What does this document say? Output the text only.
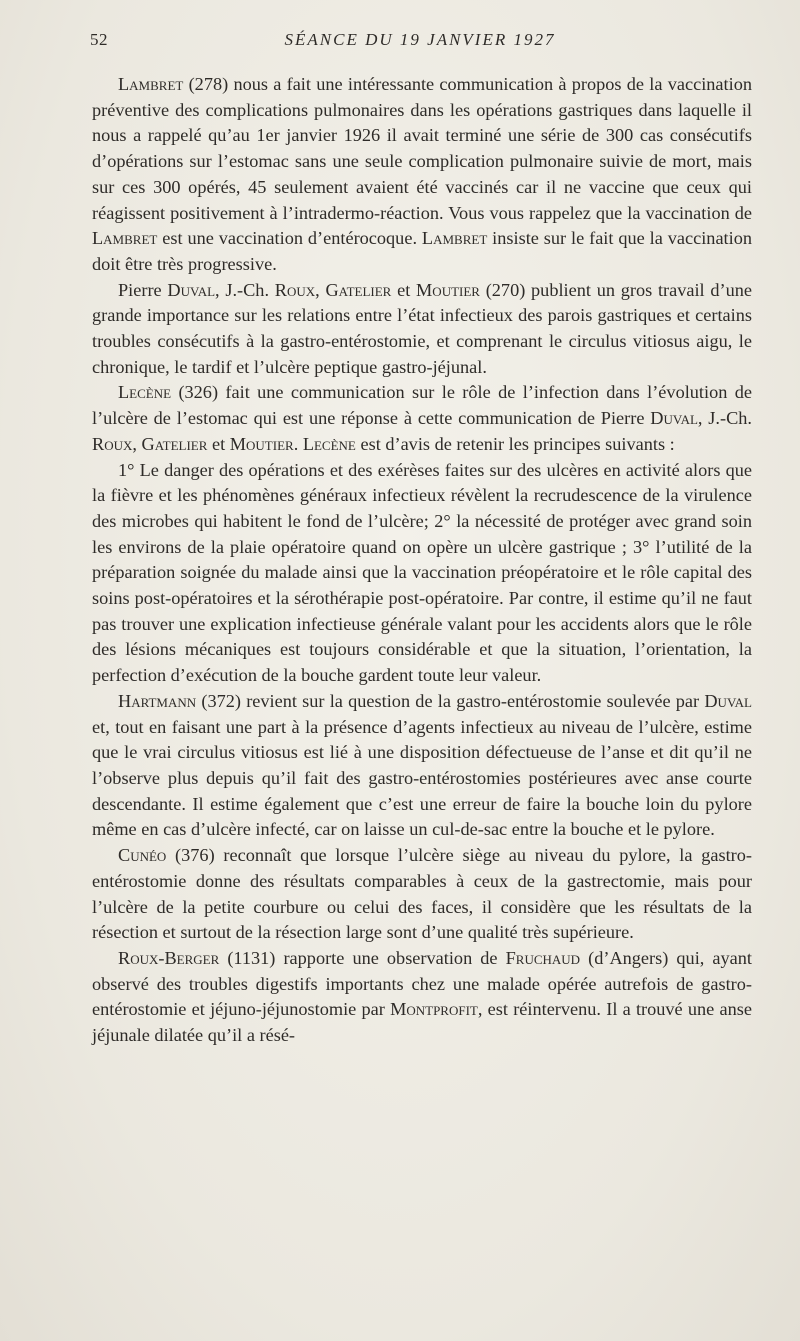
52	SÉANCE DU 19 JANVIER 1927

Lambret (278) nous a fait une intéressante communication à propos de la vaccination préventive des complications pulmonaires dans les opérations gastriques dans laquelle il nous a rappelé qu’au 1er janvier 1926 il avait terminé une série de 300 cas consécutifs d’opérations sur l’estomac sans une seule complication pulmonaire suivie de mort, mais sur ces 300 opérés, 45 seulement avaient été vaccinés car il ne vaccine que ceux qui réagissent positivement à l’intradermo-réaction. Vous vous rappelez que la vaccination de Lambret est une vaccination d’entérocoque. Lambret insiste sur le fait que la vaccination doit être très progressive.

Pierre Duval, J.-Ch. Roux, Gatelier et Moutier (270) publient un gros travail d’une grande importance sur les relations entre l’état infectieux des parois gastriques et certains troubles consécutifs à la gastro-entérostomie, et comprenant le circulus vitiosus aigu, le chronique, le tardif et l’ulcère peptique gastro-jéjunal.

Lecène (326) fait une communication sur le rôle de l’infection dans l’évolution de l’ulcère de l’estomac qui est une réponse à cette communication de Pierre Duval, J.-Ch. Roux, Gatelier et Moutier. Lecène est d’avis de retenir les principes suivants :

1° Le danger des opérations et des exérèses faites sur des ulcères en activité alors que la fièvre et les phénomènes généraux infectieux révèlent la recrudescence de la virulence des microbes qui habitent le fond de l’ulcère; 2° la nécessité de protéger avec grand soin les environs de la plaie opératoire quand on opère un ulcère gastrique ; 3° l’utilité de la préparation soignée du malade ainsi que la vaccination préopératoire et le rôle capital des soins post-opératoires et la sérothérapie post-opératoire. Par contre, il estime qu’il ne faut pas trouver une explication infectieuse générale valant pour les accidents alors que le rôle des lésions mécaniques est toujours considérable et que la situation, l’orientation, la perfection d’exécution de la bouche gardent toute leur valeur.

Hartmann (372) revient sur la question de la gastro-entérostomie soulevée par Duval et, tout en faisant une part à la présence d’agents infectieux au niveau de l’ulcère, estime que le vrai circulus vitiosus est lié à une disposition défectueuse de l’anse et dit qu’il ne l’observe plus depuis qu’il fait des gastro-entérostomies postérieures avec anse courte descendante. Il estime également que c’est une erreur de faire la bouche loin du pylore même en cas d’ulcère infecté, car on laisse un cul-de-sac entre la bouche et le pylore.

Cunéo (376) reconnaît que lorsque l’ulcère siège au niveau du pylore, la gastro-entérostomie donne des résultats comparables à ceux de la gastrectomie, mais pour l’ulcère de la petite courbure ou celui des faces, il considère que les résultats de la résection et surtout de la résection large sont d’une qualité très supérieure.

Roux-Berger (1131) rapporte une observation de Fruchaud (d’Angers) qui, ayant observé des troubles digestifs importants chez une malade opérée autrefois de gastro-entérostomie et jéjuno-jéjunostomie par Montprofit, est réintervenu. Il a trouvé une anse jéjunale dilatée qu’il a résé-
